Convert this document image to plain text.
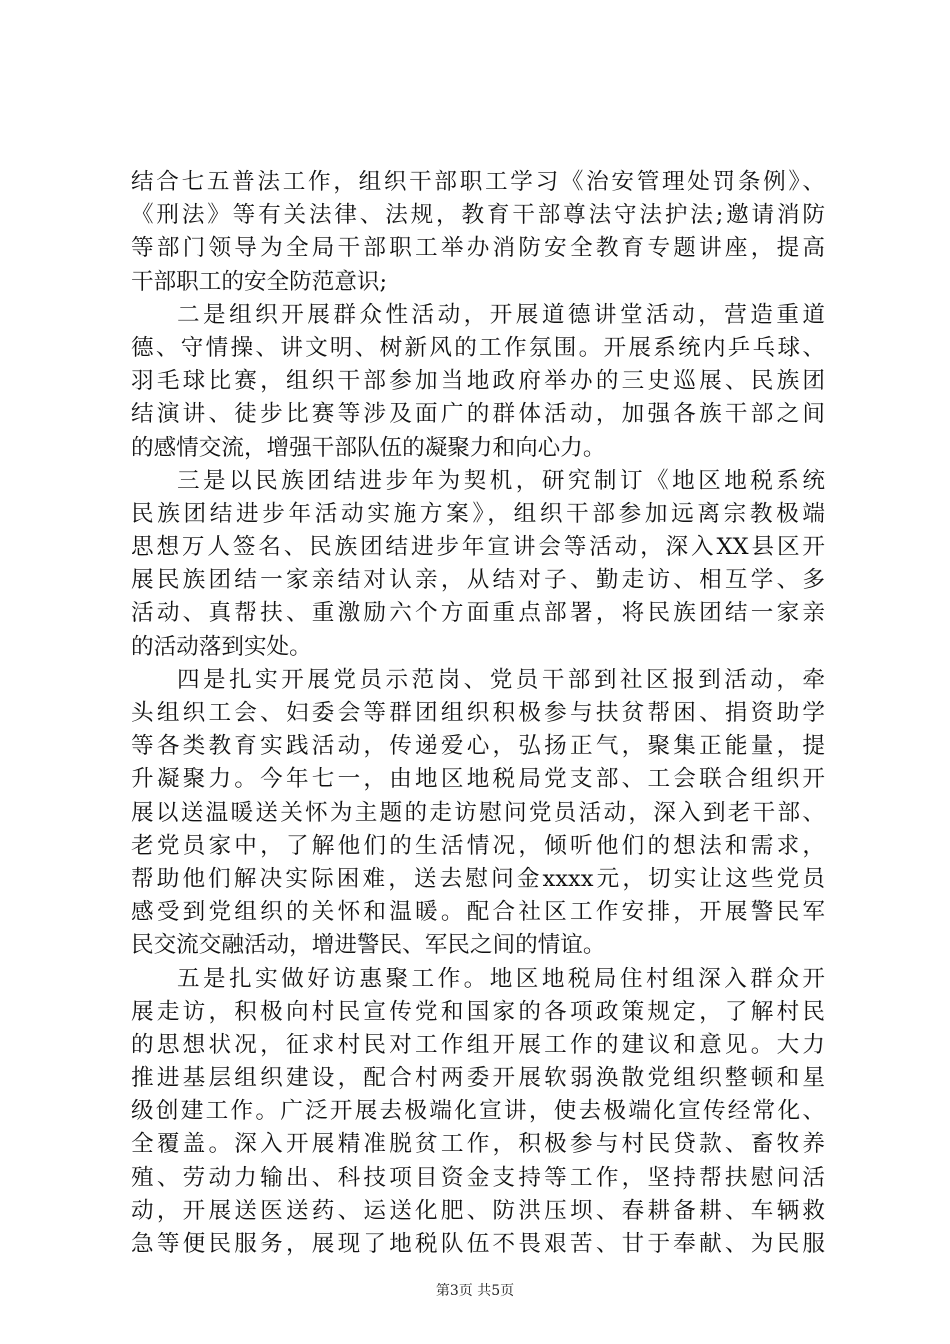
结合七五普法工作，组织干部职工学习《治安管理处罚条例》、
《刑法》等有关法律、法规，教育干部尊法守法护法;邀请消防
等部门领导为全局干部职工举办消防安全教育专题讲座，提高
干部职工的安全防范意识;
二是组织开展群众性活动，开展道德讲堂活动，营造重道
德、守情操、讲文明、树新风的工作氛围。开展系统内乒乓球、
羽毛球比赛，组织干部参加当地政府举办的三史巡展、民族团
结演讲、徒步比赛等涉及面广的群体活动，加强各族干部之间
的感情交流，增强干部队伍的凝聚力和向心力。
三是以民族团结进步年为契机，研究制订《地区地税系统
民族团结进步年活动实施方案》，组织干部参加远离宗教极端
思想万人签名、民族团结进步年宣讲会等活动，深入XX县区开
展民族团结一家亲结对认亲，从结对子、勤走访、相互学、多
活动、真帮扶、重激励六个方面重点部署，将民族团结一家亲
的活动落到实处。
四是扎实开展党员示范岗、党员干部到社区报到活动，牵
头组织工会、妇委会等群团组织积极参与扶贫帮困、捐资助学
等各类教育实践活动，传递爱心，弘扬正气，聚集正能量，提
升凝聚力。今年七一，由地区地税局党支部、工会联合组织开
展以送温暖送关怀为主题的走访慰问党员活动，深入到老干部、
老党员家中，了解他们的生活情况，倾听他们的想法和需求，
帮助他们解决实际困难，送去慰问金xxxx元，切实让这些党员
感受到党组织的关怀和温暖。配合社区工作安排，开展警民军
民交流交融活动，增进警民、军民之间的情谊。
五是扎实做好访惠聚工作。地区地税局住村组深入群众开
展走访，积极向村民宣传党和国家的各项政策规定，了解村民
的思想状况，征求村民对工作组开展工作的建议和意见。大力
推进基层组织建设，配合村两委开展软弱涣散党组织整顿和星
级创建工作。广泛开展去极端化宣讲，使去极端化宣传经常化、
全覆盖。深入开展精准脱贫工作，积极参与村民贷款、畜牧养
殖、劳动力输出、科技项目资金支持等工作，坚持帮扶慰问活
动，开展送医送药、运送化肥、防洪压坝、春耕备耕、车辆救
急等便民服务，展现了地税队伍不畏艰苦、甘于奉献、为民服
第3页 共5页
